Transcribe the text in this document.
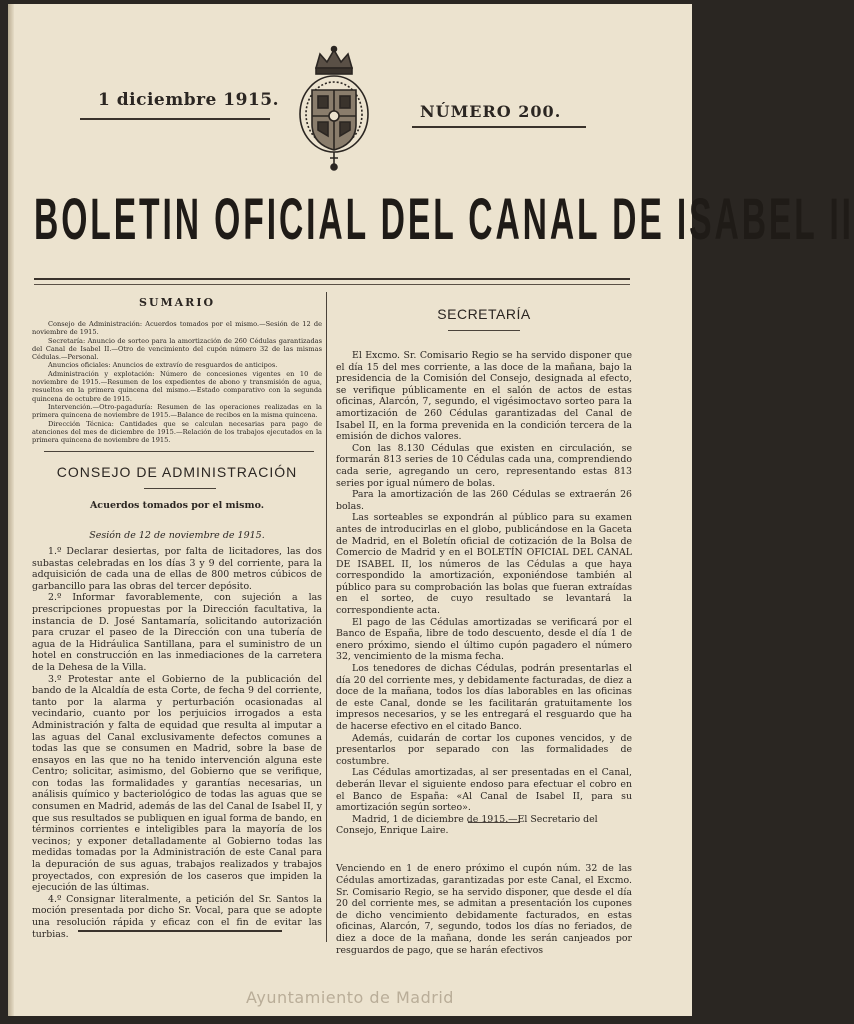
1 diciembre 1915.
NÚMERO 200.
BOLETIN OFICIAL DEL CANAL DE ISABEL II
SUMARIO

Consejo de Administración: Acuerdos tomados por el mismo.—Sesión de 12 de noviembre de 1915.

Secretaría: Anuncio de sorteo para la amortización de 260 Cédulas garantizadas del Canal de Isabel II.—Otro de vencimiento del cupón número 32 de las mismas Cédulas.—Personal.

Anuncios oficiales: Anuncios de extravío de resguardos de anticipos.

Administración y explotación: Número de concesiones vigentes en 10 de noviembre de 1915.—Resumen de los expedientes de abono y transmisión de agua, resueltos en la primera quincena del mismo.—Estado comparativo con la segunda quincena de octubre de 1915.

Intervención.—Otro-pagaduría: Resumen de las operaciones realizadas en la primera quincena de noviembre de 1915.—Balance de recibos en la misma quincena.

Dirección Técnica: Cantidades que se calculan necesarias para pago de atenciones del mes de diciembre de 1915.—Relación de los trabajos ejecutados en la primera quincena de noviembre de 1915.

CONSEJO DE ADMINISTRACIÓN
Acuerdos tomados por el mismo.
Sesión de 12 de noviembre de 1915.

1.º Declarar desiertas, por falta de licitadores, las dos subastas celebradas en los días 3 y 9 del corriente, para la adquisición de cada una de ellas de 800 metros cúbicos de garbancillo para las obras del tercer depósito.

2.º Informar favorablemente, con sujeción a las prescripciones propuestas por la Dirección facultativa, la instancia de D. José Santamaría, solicitando autorización para cruzar el paseo de la Dirección con una tubería de agua de la Hidráulica Santillana, para el suministro de un hotel en construcción en las inmediaciones de la carretera de la Dehesa de la Villa.

3.º Protestar ante el Gobierno de la publicación del bando de la Alcaldía de esta Corte, de fecha 9 del corriente, tanto por la alarma y perturbación ocasionadas al vecindario, cuanto por los perjuicios irrogados a esta Administración y falta de equidad que resulta al imputar a las aguas del Canal exclusivamente defectos comunes a todas las que se consumen en Madrid, sobre la base de ensayos en las que no ha tenido intervención alguna este Centro; solicitar, asimismo, del Gobierno que se verifique, con todas las formalidades y garantías necesarias, un análisis químico y bacteriológico de todas las aguas que se consumen en Madrid, además de las del Canal de Isabel II, y que sus resultados se publiquen en igual forma de bando, en términos corrientes e inteligibles para la mayoría de los vecinos; y exponer detalladamente al Gobierno todas las medidas tomadas por la Administración de este Canal para la depuración de sus aguas, trabajos realizados y trabajos proyectados, con expresión de los caseros que impiden la ejecución de las últimas.

4.º Consignar literalmente, a petición del Sr. Santos la moción presentada por dicho Sr. Vocal, para que se adopte una resolución rápida y eficaz con el fin de evitar las turbias.

SECRETARÍA

El Excmo. Sr. Comisario Regio se ha servido disponer que el día 15 del mes corriente, a las doce de la mañana, bajo la presidencia de la Comisión del Consejo, designada al efecto, se verifique públicamente en el salón de actos de estas oficinas, Alarcón, 7, segundo, el vigésimoctavo sorteo para la amortización de 260 Cédulas garantizadas del Canal de Isabel II, en la forma prevenida en la condición tercera de la emisión de dichos valores.

Con las 8.130 Cédulas que existen en circulación, se formarán 813 series de 10 Cédulas cada una, comprendiendo cada serie, agregando un cero, representando estas 813 series por igual número de bolas.

Para la amortización de las 260 Cédulas se extraerán 26 bolas.

Las sorteables se expondrán al público para su examen antes de introducirlas en el globo, publicándose en la Gaceta de Madrid, en el Boletín oficial de cotización de la Bolsa de Comercio de Madrid y en el BOLETÍN OFICIAL DEL CANAL DE ISABEL II, los números de las Cédulas a que haya correspondido la amortización, exponiéndose también al público para su comprobación las bolas que fueran extraídas en el sorteo, de cuyo resultado se levantará la correspondiente acta.

El pago de las Cédulas amortizadas se verificará por el Banco de España, libre de todo descuento, desde el día 1 de enero próximo, siendo el último cupón pagadero el número 32, vencimiento de la misma fecha.

Los tenedores de dichas Cédulas, podrán presentarlas el día 20 del corriente mes, y debidamente facturadas, de diez a doce de la mañana, todos los días laborables en las oficinas de este Canal, donde se les facilitarán gratuitamente los impresos necesarios, y se les entregará el resguardo que ha de hacerse efectivo en el citado Banco.

Además, cuidarán de cortar los cupones vencidos, y de presentarlos por separado con las formalidades de costumbre.

Las Cédulas amortizadas, al ser presentadas en el Canal, deberán llevar el siguiente endoso para efectuar el cobro en el Banco de España: «Al Canal de Isabel II, para su amortización según sorteo».

Madrid, 1 de diciembre de 1915.—El Secretario del Consejo, Enrique Laire.

Venciendo en 1 de enero próximo el cupón núm. 32 de las Cédulas amortizadas, garantizadas por este Canal, el Excmo. Sr. Comisario Regio, se ha servido disponer, que desde el día 20 del corriente mes, se admitan a presentación los cupones de dicho vencimiento debidamente facturados, en estas oficinas, Alarcón, 7, segundo, todos los días no feriados, de diez a doce de la mañana, donde les serán canjeados por resguardos de pago, que se harán efectivos

Ayuntamiento de Madrid
